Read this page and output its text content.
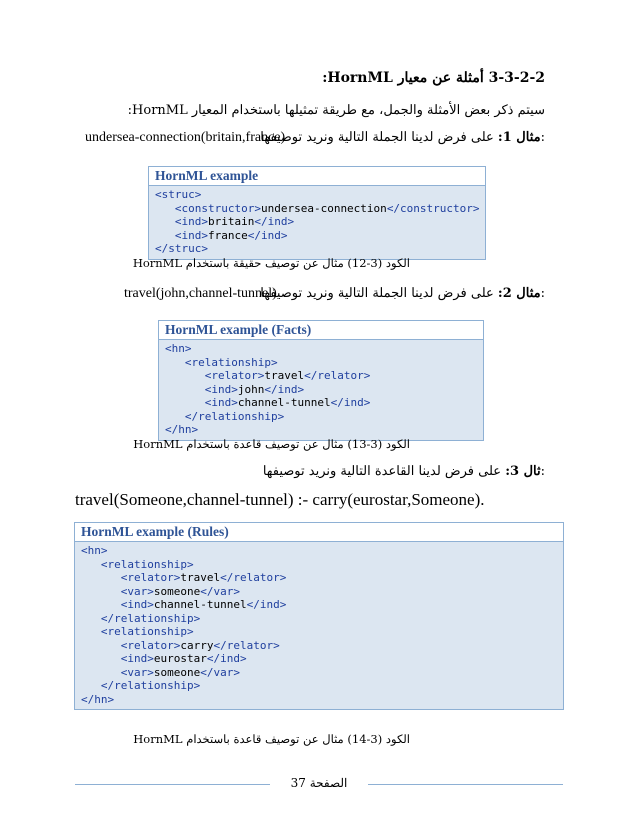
3-3-2-2 أمثلة عن معيار HornML:
سيتم ذكر بعض الأمثلة والجمل، مع طريقة تمثيلها باستخدام المعيار HornML:
مثال 1: على فرض لدينا الجملة التالية ونريد توصيفها:
undersea-connection(britain,france)
HornML example
<struc>
<constructor>undersea-connection</constructor>
<ind>britain</ind>
<ind>france</ind>
</struc>
الكود (3-12) مثال عن توصيف حقيقة باستخدام HornML
مثال 2: على فرض لدينا الجملة التالية ونريد توصيفها:
travel(john,channel-tunnel)
HornML example (Facts)
<hn>
<relationship>
<relator>travel</relator>
<ind>john</ind>
<ind>channel-tunnel</ind>
</relationship>
</hn>
الكود (3-13) مثال عن توصيف قاعدة باستخدام HornML
ثال 3: على فرض لدينا القاعدة التالية ونريد توصيفها:
travel(Someone,channel-tunnel) :- carry(eurostar,Someone).
HornML example (Rules)
<hn>
<relationship>
<relator>travel</relator>
<var>someone</var>
<ind>channel-tunnel</ind>
</relationship>
<relationship>
<relator>carry</relator>
<ind>eurostar</ind>
<var>someone</var>
</relationship>
</hn>
الكود (3-14) مثال عن توصيف قاعدة باستخدام HornML
الصفحة 37
